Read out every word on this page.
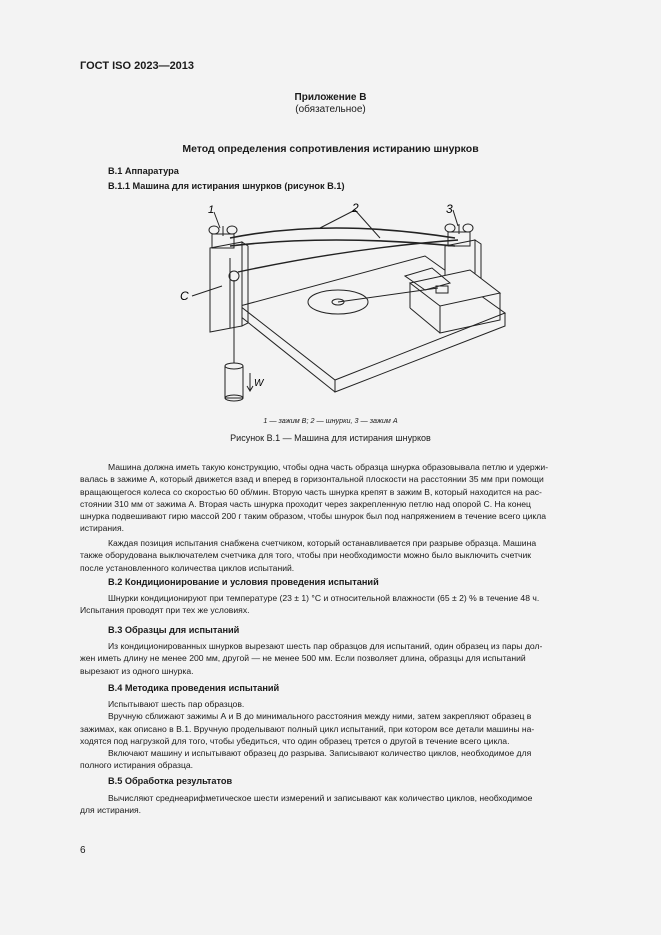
ГОСТ ISO 2023—2013
Приложение В
(обязательное)
Метод определения сопротивления истиранию шнурков
В.1 Аппаратура
В.1.1 Машина для истирания шнурков (рисунок В.1)
1	2	3
C
W
1 — зажим В; 2 — шнурки, 3 — зажим А
Рисунок В.1 — Машина для истирания шнурков
Машина должна иметь такую конструкцию, чтобы одна часть образца шнурка образовывала петлю и удержи-
валась в зажиме А, который движется взад и вперед в горизонтальной плоскости на расстоянии 35 мм при помощи
вращающегося колеса со скоростью 60 об/мин. Вторую часть шнурка крепят в зажим В, который находится на рас-
стоянии 310 мм от зажима А. Вторая часть шнурка проходит через закрепленную петлю над опорой С. На конец
шнурка подвешивают гирю массой 200 г таким образом, чтобы шнурок был под напряжением в течение всего цикла
истирания.
Каждая позиция испытания снабжена счетчиком, который останавливается при разрыве образца. Машина
также оборудована выключателем счетчика для того, чтобы при необходимости можно было выключить счетчик
после установленного количества циклов испытаний.
В.2 Кондиционирование и условия проведения испытаний
Шнурки кондиционируют при температуре (23 ± 1) °С и относительной влажности (65 ± 2) % в течение 48 ч.
Испытания проводят при тех же условиях.
В.3 Образцы для испытаний
Из кондиционированных шнурков вырезают шесть пар образцов для испытаний, один образец из пары дол-
жен иметь длину не менее 200 мм, другой — не менее 500 мм. Если позволяет длина, образцы для испытаний
вырезают из одного шнурка.
В.4 Методика проведения испытаний
Испытывают шесть пар образцов.
Вручную сближают зажимы А и В до минимального расстояния между ними, затем закрепляют образец в
зажимах, как описано в В.1. Вручную проделывают полный цикл испытаний, при котором все детали машины на-
ходятся под нагрузкой для того, чтобы убедиться, что один образец трется о другой в течение всего цикла.
Включают машину и испытывают образец до разрыва. Записывают количество циклов, необходимое для
полного истирания образца.
В.5 Обработка результатов
Вычисляют среднеарифметическое шести измерений и записывают как количество циклов, необходимое
для истирания.
6
